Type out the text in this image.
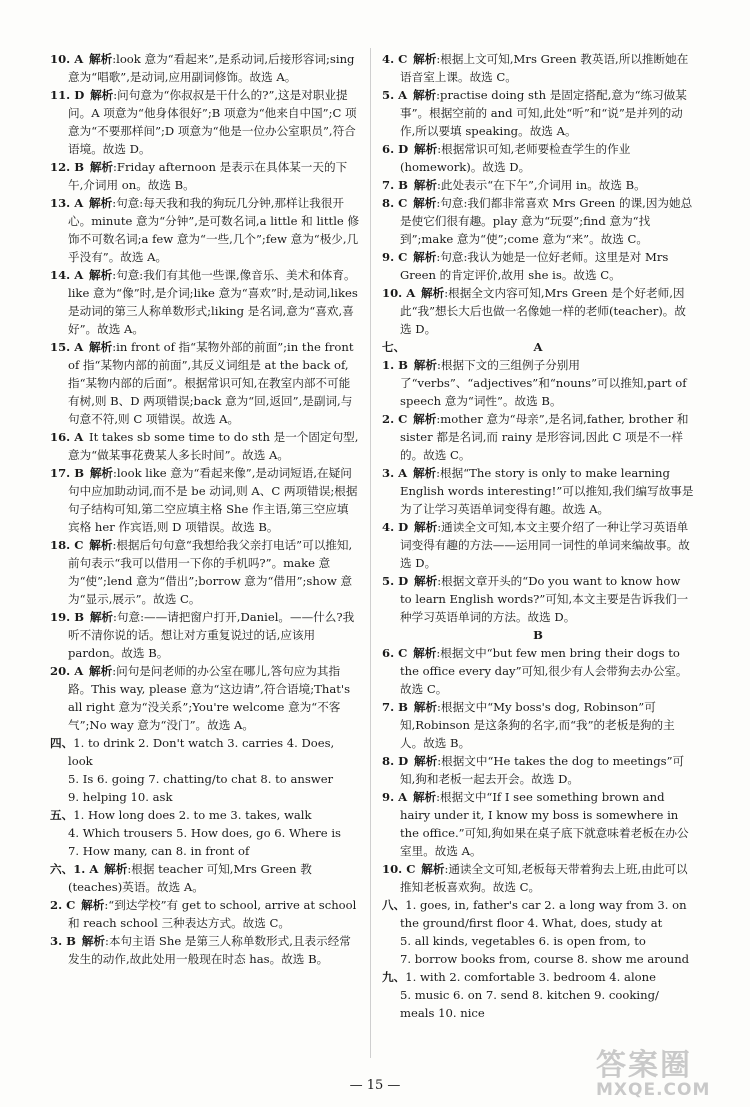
10. A  解析:look 意为“看起来”,是系动词,后接形容词;sing 意为“唱歌”,是动词,应用副词修饰。故选 A。
11. D  解析:问句意为“你叔叔是干什么的?”,这是对职业提问。A 项意为“他身体很好”;B 项意为“他来自中国”;C 项意为“不要那样间”;D 项意为“他是一位办公室职员”,符合语境。故选 D。
12. B  解析:Friday afternoon 是表示在具体某一天的下午,介词用 on。故选 B。
13. A  解析:句意:每天我和我的狗玩几分钟,那样让我很开心。minute 意为“分钟”,是可数名词,a little 和 little 修饰不可数名词;a few 意为“一些,几个”;few 意为“极少,几乎没有”。故选 A。
14. A  解析:句意:我们有其他一些课,像音乐、美术和体育。like 意为“像”时,是介词;like 意为“喜欢”时,是动词,likes 是动词的第三人称单数形式;liking 是名词,意为“喜欢,喜好”。故选 A。
15. A  解析:in front of 指“某物外部的前面”;in the front of 指“某物内部的前面”,其反义词组是 at the back of,指“某物内部的后面”。根据常识可知,在教室内部不可能有树,则 B、D 两项错误;back 意为“回,返回”,是副词,与句意不符,则 C 项错误。故选 A。
16. A  It takes sb some time to do sth 是一个固定句型,意为“做某事花费某人多长时间”。故选 A。
17. B  解析:look like 意为“看起来像”,是动词短语,在疑问句中应加助动词,而不是 be 动词,则 A、C 两项错误;根据句子结构可知,第二空应填主格 She 作主语,第三空应填宾格 her 作宾语,则 D 项错误。故选 B。
18. C  解析:根据后句句意“我想给我父亲打电话”可以推知,前句表示“我可以借用一下你的手机吗?”。make 意为“使”;lend 意为“借出”;borrow 意为“借用”;show 意为“显示,展示”。故选 C。
19. B  解析:句意:——请把窗户打开,Daniel。——什么?我听不清你说的话。想让对方重复说过的话,应该用 pardon。故选 B。
20. A  解析:问句是问老师的办公室在哪儿,答句应为其指路。This way, please 意为“这边请”,符合语境;That's all right 意为“没关系”;You're welcome 意为“不客气”;No way 意为“没门”。故选 A。
四、1. to drink 2. Don't watch 3. carries 4. Does, look
5. Is 6. going 7. chatting/to chat 8. to answer
9. helping 10. ask
五、1. How long does 2. to me 3. takes, walk
4. Which trousers 5. How does, go 6. Where is
7. How many, can 8. in front of
六、1. A  解析:根据 teacher 可知,Mrs Green 教(teaches)英语。故选 A。
2. C  解析:“到达学校”有 get to school, arrive at school 和 reach school 三种表达方式。故选 C。
3. B  解析:本句主语 She 是第三人称单数形式,且表示经常发生的动作,故此处用一般现在时态 has。故选 B。
4. C  解析:根据上文可知,Mrs Green 教英语,所以推断她在语音室上课。故选 C。
5. A  解析:practise doing sth 是固定搭配,意为“练习做某事”。根据空前的 and 可知,此处“听”和“说”是并列的动作,所以要填 speaking。故选 A。
6. D  解析:根据常识可知,老师要检查学生的作业(homework)。故选 D。
7. B  解析:此处表示“在下午”,介词用 in。故选 B。
8. C  解析:句意:我们都非常喜欢 Mrs Green 的课,因为她总是使它们很有趣。play 意为“玩耍”;find 意为“找到”;make 意为“使”;come 意为“来”。故选 C。
9. C  解析:句意:我认为她是一位好老师。这里是对 Mrs Green 的肯定评价,故用 she is。故选 C。
10. A  解析:根据全文内容可知,Mrs Green 是个好老师,因此“我”想长大后也做一名像她一样的老师(teacher)。故选 D。
七、	A
1. B  解析:根据下文的三组例子分别用了“verbs”、“adjectives”和“nouns”可以推知,part of speech 意为“词性”。故选 B。
2. C  解析:mother 意为“母亲”,是名词,father, brother 和 sister 都是名词,而 rainy 是形容词,因此 C 项是不一样的。故选 C。
3. A  解析:根据“The story is only to make learning English words interesting!”可以推知,我们编写故事是为了让学习英语单词变得有趣。故选 A。
4. D  解析:通读全文可知,本文主要介绍了一种让学习英语单词变得有趣的方法——运用同一词性的单词来编故事。故选 D。
5. D  解析:根据文章开头的“Do you want to know how to learn English words?”可知,本文主要是告诉我们一种学习英语单词的方法。故选 D。
B
6. C  解析:根据文中“but few men bring their dogs to the office every day”可知,很少有人会带狗去办公室。故选 C。
7. B  解析:根据文中“My boss's dog, Robinson”可知,Robinson 是这条狗的名字,而“我”的老板是狗的主人。故选 B。
8. D  解析:根据文中“He takes the dog to meetings”可知,狗和老板一起去开会。故选 D。
9. A  解析:根据文中“If I see something brown and hairy under it, I know my boss is somewhere in the office.”可知,狗如果在桌子底下就意味着老板在办公室里。故选 A。
10. C  解析:通读全文可知,老板每天带着狗去上班,由此可以推知老板喜欢狗。故选 C。
八、1. goes, in, father's car 2. a long way from 3. on
the ground/first floor 4. What, does, study at
5. all kinds, vegetables 6. is open from, to
7. borrow books from, course 8. show me around
九、1. with 2. comfortable 3. bedroom 4. alone
5. music 6. on 7. send 8. kitchen 9. cooking/
meals 10. nice
— 15 —
答案圈
MXQE.COM
